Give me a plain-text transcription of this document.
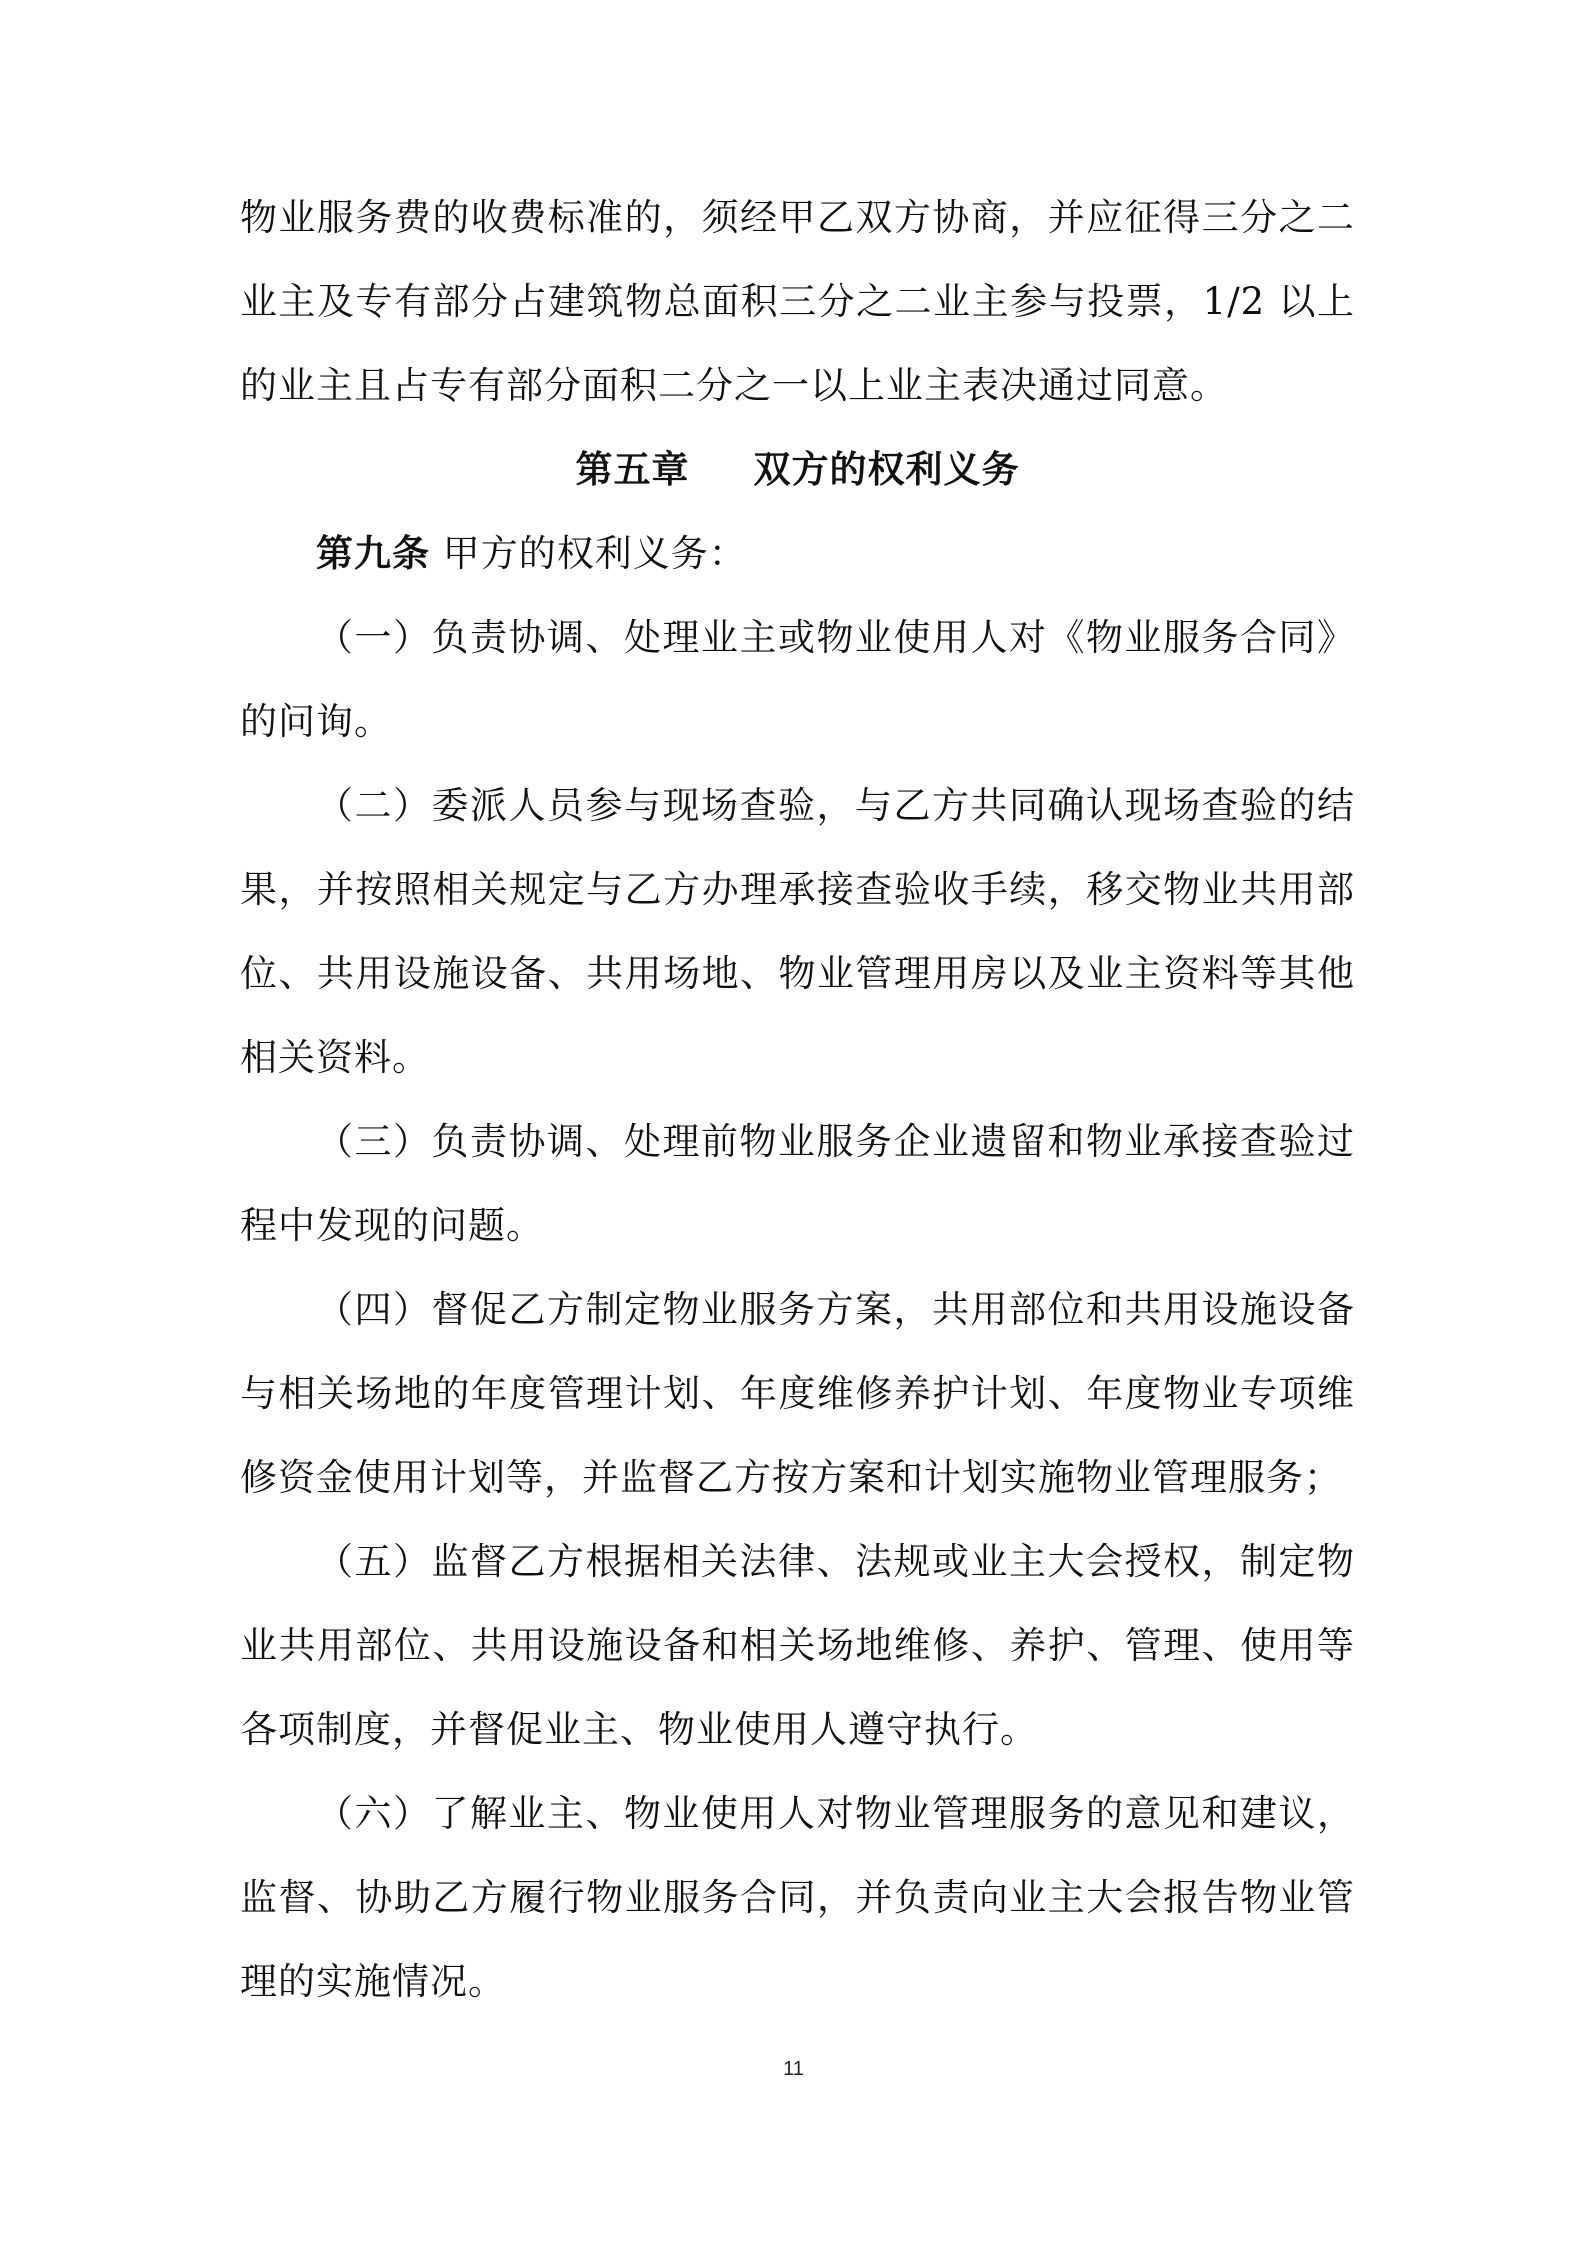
物业服务费的收费标准的，须经甲乙双方协商，并应征得三分之二业主及专有部分占建筑物总面积三分之二业主参与投票，1/2 以上的业主且占专有部分面积二分之一以上业主表决通过同意。

第五章 双方的权利义务

第九条 甲方的权利义务：

（一）负责协调、处理业主或物业使用人对《物业服务合同》的问询。

（二）委派人员参与现场查验，与乙方共同确认现场查验的结果，并按照相关规定与乙方办理承接查验收手续，移交物业共用部位、共用设施设备、共用场地、物业管理用房以及业主资料等其他相关资料。

（三）负责协调、处理前物业服务企业遗留和物业承接查验过程中发现的问题。

（四）督促乙方制定物业服务方案，共用部位和共用设施设备与相关场地的年度管理计划、年度维修养护计划、年度物业专项维修资金使用计划等，并监督乙方按方案和计划实施物业管理服务；

（五）监督乙方根据相关法律、法规或业主大会授权，制定物业共用部位、共用设施设备和相关场地维修、养护、管理、使用等各项制度，并督促业主、物业使用人遵守执行。

（六）了解业主、物业使用人对物业管理服务的意见和建议，监督、协助乙方履行物业服务合同，并负责向业主大会报告物业管理的实施情况。

11
